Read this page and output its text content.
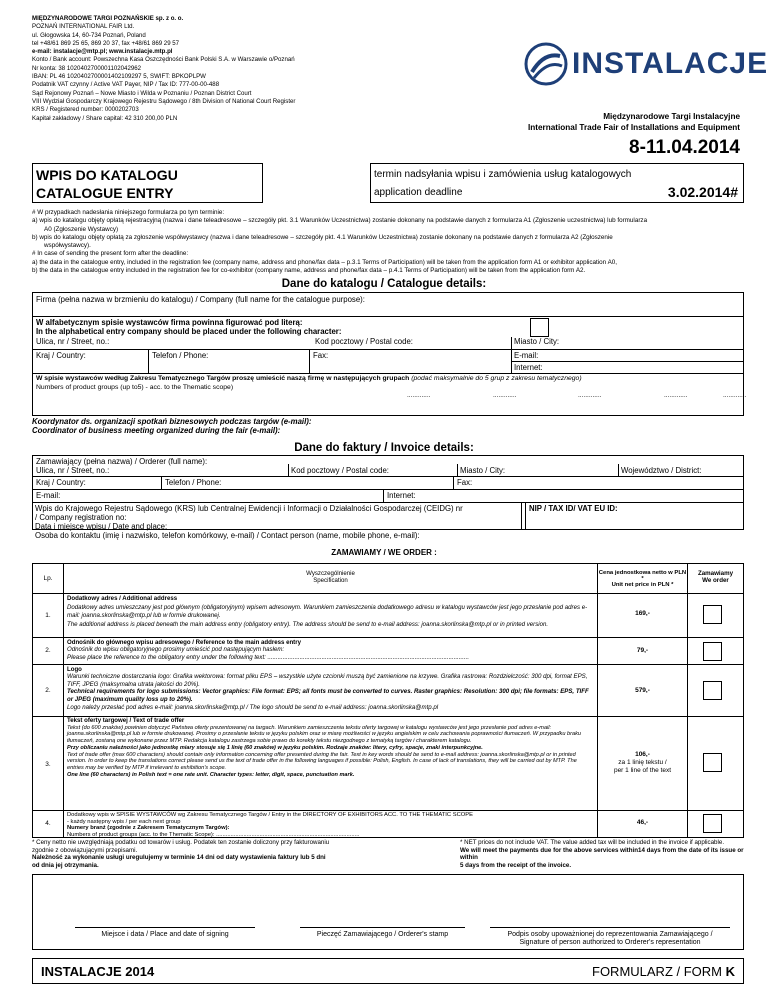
MIĘDZYNARODOWE TARGI POZNAŃSKIE sp. z o. o.
POZNAŃ INTERNATIONAL FAIR Ltd.
ul. Głogowska 14, 60-734 Poznań, Poland
tel +48/61 869 25 65, 869 20 37, fax +48/61 869 29 57
e-mail: instalacje@mtp.pl; www.instalacje.mtp.pl
Konto / Bank account: Powszechna Kasa Oszczędności Bank Polski S.A. w Warszawie o/Poznań
Nr konta: 38 1020402700001102042962
IBAN: PL 46 1020402700001402109297 5, SWIFT: BPKOPLPW
Podatnik VAT czynny / Active VAT Payer, NIP / Tax ID: 777-00-00-488
Sąd Rejonowy Poznań – Nowe Miasto i Wilda w Poznaniu / Poznan District Court
VIII Wydział Gospodarczy Krajowego Rejestru Sądowego / 8th Division of National Court Register
KRS / Registered number: 0000202703
Kapitał zakładowy / Share capital: 42 310 200,00 PLN
INSTALACJE
Międzynarodowe Targi Instalacyjne
International Trade Fair of Installations and Equipment
8-11.04.2014
WPIS DO KATALOGU
CATALOGUE ENTRY
termin nadsyłania wpisu i zamówienia usług katalogowych
application deadline	3.02.2014#
# W przypadkach nadesłania niniejszego formularza po tym terminie:
a) wpis do katalogu objęty opłatą rejestracyjną (nazwa i dane teleadresowe – szczegóły pkt. 3.1 Warunków Uczestnictwa) zostanie dokonany na podstawie danych z formularza A1 (Zgłoszenie uczestnictwa) lub formularza
A0 (Zgłoszenie Wystawcy)
b) wpis do katalogu objęty opłatą za zgłoszenie współwystawcy (nazwa i dane teleadresowe – szczegóły pkt. 4.1 Warunków Uczestnictwa) zostanie dokonany na podstawie danych z formularza A2 (Zgłoszenie
współwystawcy).
# In case of sending the present form after the deadline:
a) the data in the catalogue entry, included in the registration fee (company name, address and phone/fax data – p.3.1 Terms of Participation) will be taken from the application form A1 or exhibitor application A0,
b) the data in the catalogue entry included in the registration fee for co-exhibitor (company name, address and phone/fax data – p.4.1 Terms of Participation) will be taken from the application form A2.
Dane do katalogu / Catalogue details:
Firma (pełna nazwa w brzmieniu do katalogu) / Company (full name for the catalogue purpose):
W alfabetycznym spisie wystawców firma powinna figurować pod literą:
In the alphabetical entry company should be placed under the following character:
Ulica, nr / Street, no.:	Kod pocztowy / Postal code:	Miasto / City:
Kraj / Country:	Telefon / Phone:	Fax:	E-mail:
Internet:
W spisie wystawców według Zakresu Tematycznego Targów proszę umieścić naszą firmę w następujących grupach (podać maksymalnie do 5 grup z zakresu tematycznego)
Numbers of product groups (up to5) - acc. to the Thematic scope)
.............	.............	.............	.............	.............
Koordynator ds. organizacji spotkań biznesowych podczas targów (e-mail):
Coordinator of business meeting organized during the fair (e-mail):
Dane do faktury / Invoice details:
Zamawiający (pełna nazwa) / Orderer (full name):
Ulica, nr / Street, no.:	Kod pocztowy / Postal code:	Miasto / City:	Województwo / District:
Kraj / Country:	Telefon / Phone:	Fax:
E-mail:	Internet:
Wpis do Krajowego Rejestru Sądowego (KRS) lub Centralnej Ewidencji i Informacji o Działalności Gospodarczej (CEIDG) nr
/ Company registration no:
Data i miejsce wpisu / Date and place:
Osoba do kontaktu (imię i nazwisko, telefon komórkowy, e-mail) / Contact person (name, mobile phone, e-mail):
NIP / TAX ID/ VAT EU ID:
ZAMAWIAMY / WE ORDER :
Lp.
Wyszczególnienie
Specification
Cena jednostkowa netto w PLN *
Unit net price in PLN *
Zamawiamy
We order
1.
Dodatkowy adres / Additional address
Dodatkowy adres umieszczany jest pod głównym (obligatoryjnym) wpisem adresowym. Warunkiem zamieszczenia dodatkowego adresu w katalogu wystawców jest jego przesłanie pod adres e-mail: joanna.skorlinska@mtp.pl lub w formie drukowanej.
The additional address is placed beneath the main address entry (obligatory entry). The address should be send to e-mail address: joanna.skorlinska@mtp.pl or in printed version.
169,-
2.
Odnośnik do głównego wpisu adresowego / Reference to the main address entry
Odnośnik do wpisu obligatoryjnego prosimy umieścić pod następującym hasłem:
Please place the reference to the obligatory entry under the following text: .......................................................................................................................
79,-
2.
Logo
Warunki techniczne dostarczania logo: Grafika wektorowa: format pliku EPS – wszystkie użyte czcionki muszą być zamienione na krzywe. Grafika rastrowa: Rozdzielczość: 300 dpi, format EPS, TIFF, JPEG (maksymalna utrata jakości do 20%).
Technical requirements for logo submissions: Vector graphics: File format: EPS; all fonts must be converted to curves. Raster graphics: Resolution: 300 dpi; file formats: EPS, TIFF or JPEG (maximum quality loss up to 20%).
Logo należy przesłać pod adres e-mail: joanna.skorlinska@mtp.pl / The logo should be send to e-mail address: joanna.skorlinska@mtp.pl
579,-
3.
Tekst oferty targowej / Text of trade offer
Tekst (do 600 znaków) powinien dotyczyć Państwa oferty prezentowanej na targach. Warunkiem zamieszczenia tekstu oferty targowej w katalogu wystawców jest jego przesłanie pod adres e-mail: joanna.skorlinska@mtp.pl lub w formie drukowanej. Prosimy o przesłanie tekstu w języku polskim oraz w miarę możliwości w języku angielskim w celu zachowania poprawności tłumaczeń. W przypadku braku tłumaczeń, zostaną one wykonane przez MTP. Redakcja katalogu zastrzega sobie prawo do korekty tekstu niezgodnego z tematyką targów i charakterem katalogu.
Przy obliczaniu należności jako jednostkę miary stosuje się 1 linię (60 znaków) w języku polskim. Rodzaje znaków: litery, cyfry, spacje, znaki interpunkcyjne.
Text of trade offer (max 600 characters) should contain only information concerning offer presented during the fair. Text in key words should be send to e-mail address: joanna.skorlinska@mtp.pl or in printed version. In order to keep the translations correct please send us the text of trade offer in the following languages if possible: Polish, English. In case of lack of translations, they will be carried out by MTP. The entries may be verified by MTP if irrelevant to exhibition's scope.
One line (60 characters) in Polish text = one rate unit. Character types: letter, digit, space, punctuation mark.
106,-
za 1 linię tekstu /
per 1 line of the text
4.
Dodatkowy wpis w SPISIE WYSTAWCÓW wg Zakresu Tematycznego Targów / Entry in the DIRECTORY OF EXHIBITORS ACC. TO THE THEMATIC SCOPE
- każdy następny wpis / per each next group
Numery branż (zgodnie z Zakresem Tematycznym Targów):
Numbers of product groups (acc. to the Thematic Scope): .........................................................................................
46,-
* Ceny netto nie uwzględniają podatku od towarów i usług. Podatek ten zostanie doliczony przy fakturowaniu
zgodnie z obowiązującymi przepisami.
Należność za wykonanie usługi uregulujemy w terminie 14 dni od daty wystawienia faktury lub 5 dni
od dnia jej otrzymania.
* NET prices do not include VAT. The value added tax will be included in the invoice if applicable.
We will meet the payments due for the above services within14 days from the date of its issue or within
5 days from the receipt of the invoice.
Miejsce i data / Place and date of signing	Pieczęć Zamawiającego / Orderer's stamp	Podpis osoby upoważnionej do reprezentowania Zamawiającego /
Signature of person authorized to Orderer's representation
INSTALACJE 2014	FORMULARZ / FORM K
